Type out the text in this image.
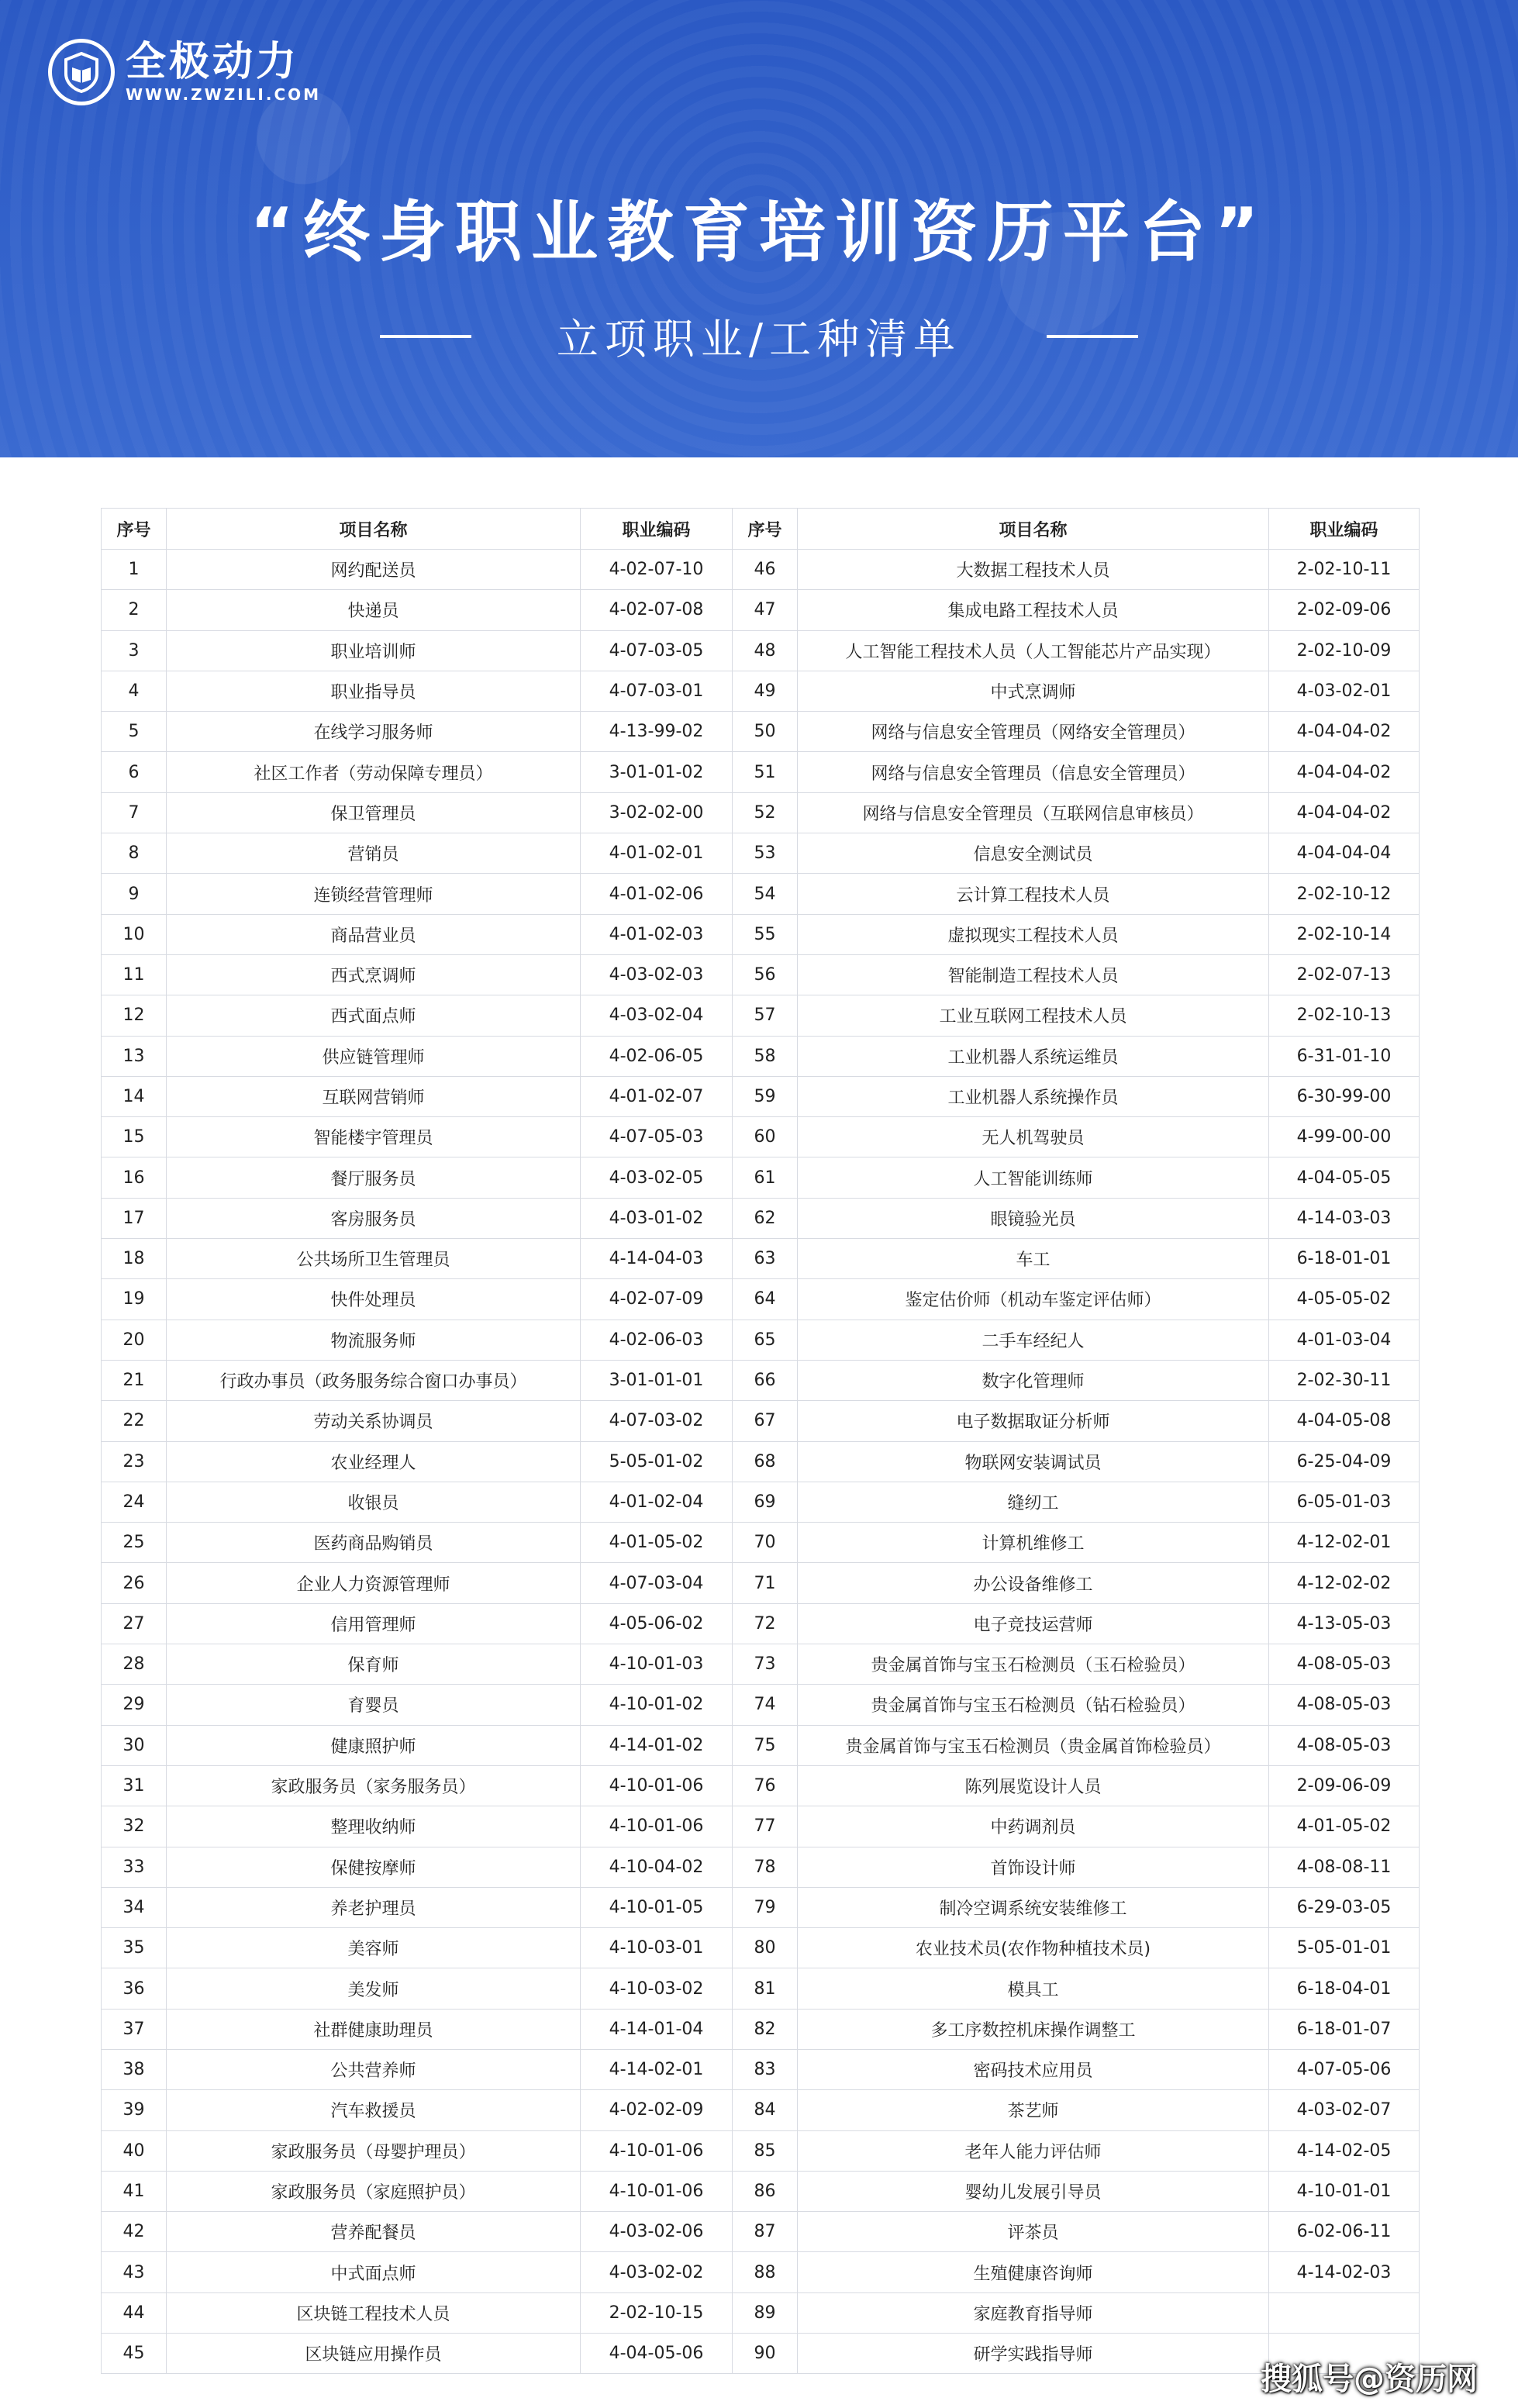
全极动力
WWW.ZWZILI.COM
“终身职业教育培训资历平台”
立项职业/工种清单
序号	项目名称	职业编码	序号	项目名称	职业编码
1	网约配送员	4-02-07-10	46	大数据工程技术人员	2-02-10-11
2	快递员	4-02-07-08	47	集成电路工程技术人员	2-02-09-06
3	职业培训师	4-07-03-05	48	人工智能工程技术人员（人工智能芯片产品实现）	2-02-10-09
4	职业指导员	4-07-03-01	49	中式烹调师	4-03-02-01
5	在线学习服务师	4-13-99-02	50	网络与信息安全管理员（网络安全管理员）	4-04-04-02
6	社区工作者（劳动保障专理员）	3-01-01-02	51	网络与信息安全管理员（信息安全管理员）	4-04-04-02
7	保卫管理员	3-02-02-00	52	网络与信息安全管理员（互联网信息审核员）	4-04-04-02
8	营销员	4-01-02-01	53	信息安全测试员	4-04-04-04
9	连锁经营管理师	4-01-02-06	54	云计算工程技术人员	2-02-10-12
10	商品营业员	4-01-02-03	55	虚拟现实工程技术人员	2-02-10-14
11	西式烹调师	4-03-02-03	56	智能制造工程技术人员	2-02-07-13
12	西式面点师	4-03-02-04	57	工业互联网工程技术人员	2-02-10-13
13	供应链管理师	4-02-06-05	58	工业机器人系统运维员	6-31-01-10
14	互联网营销师	4-01-02-07	59	工业机器人系统操作员	6-30-99-00
15	智能楼宇管理员	4-07-05-03	60	无人机驾驶员	4-99-00-00
16	餐厅服务员	4-03-02-05	61	人工智能训练师	4-04-05-05
17	客房服务员	4-03-01-02	62	眼镜验光员	4-14-03-03
18	公共场所卫生管理员	4-14-04-03	63	车工	6-18-01-01
19	快件处理员	4-02-07-09	64	鉴定估价师（机动车鉴定评估师）	4-05-05-02
20	物流服务师	4-02-06-03	65	二手车经纪人	4-01-03-04
21	行政办事员（政务服务综合窗口办事员）	3-01-01-01	66	数字化管理师	2-02-30-11
22	劳动关系协调员	4-07-03-02	67	电子数据取证分析师	4-04-05-08
23	农业经理人	5-05-01-02	68	物联网安装调试员	6-25-04-09
24	收银员	4-01-02-04	69	缝纫工	6-05-01-03
25	医药商品购销员	4-01-05-02	70	计算机维修工	4-12-02-01
26	企业人力资源管理师	4-07-03-04	71	办公设备维修工	4-12-02-02
27	信用管理师	4-05-06-02	72	电子竞技运营师	4-13-05-03
28	保育师	4-10-01-03	73	贵金属首饰与宝玉石检测员（玉石检验员）	4-08-05-03
29	育婴员	4-10-01-02	74	贵金属首饰与宝玉石检测员（钻石检验员）	4-08-05-03
30	健康照护师	4-14-01-02	75	贵金属首饰与宝玉石检测员（贵金属首饰检验员）	4-08-05-03
31	家政服务员（家务服务员）	4-10-01-06	76	陈列展览设计人员	2-09-06-09
32	整理收纳师	4-10-01-06	77	中药调剂员	4-01-05-02
33	保健按摩师	4-10-04-02	78	首饰设计师	4-08-08-11
34	养老护理员	4-10-01-05	79	制冷空调系统安装维修工	6-29-03-05
35	美容师	4-10-03-01	80	农业技术员(农作物种植技术员)	5-05-01-01
36	美发师	4-10-03-02	81	模具工	6-18-04-01
37	社群健康助理员	4-14-01-04	82	多工序数控机床操作调整工	6-18-01-07
38	公共营养师	4-14-02-01	83	密码技术应用员	4-07-05-06
39	汽车救援员	4-02-02-09	84	茶艺师	4-03-02-07
40	家政服务员（母婴护理员）	4-10-01-06	85	老年人能力评估师	4-14-02-05
41	家政服务员（家庭照护员）	4-10-01-06	86	婴幼儿发展引导员	4-10-01-01
42	营养配餐员	4-03-02-06	87	评茶员	6-02-06-11
43	中式面点师	4-03-02-02	88	生殖健康咨询师	4-14-02-03
44	区块链工程技术人员	2-02-10-15	89	家庭教育指导师	
45	区块链应用操作员	4-04-05-06	90	研学实践指导师	
搜狐号@资历网
